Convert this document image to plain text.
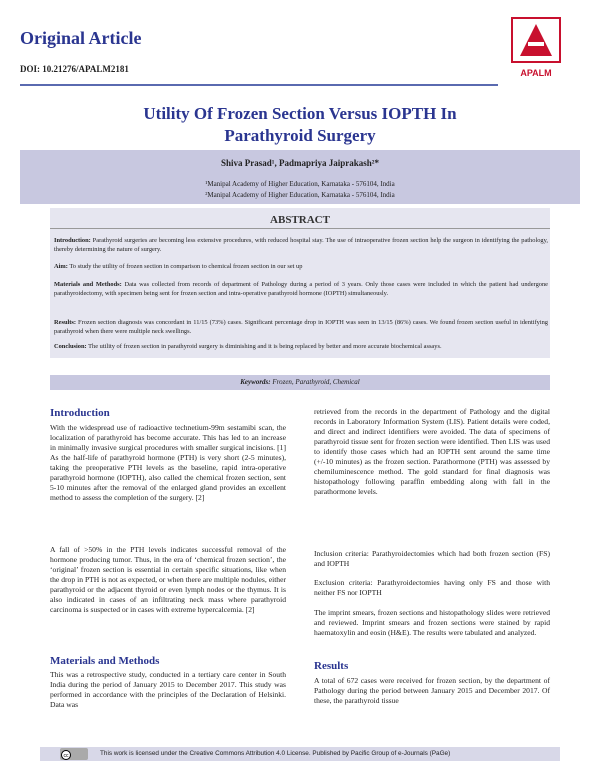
Original Article
DOI: 10.21276/APALM2181	APALM
Utility Of Frozen Section Versus IOPTH In
Parathyroid Surgery
Shiva Prasad¹, Padmapriya Jaiprakash²*
¹Manipal Academy of Higher Education, Karnataka - 576104, India
²Manipal Academy of Higher Education, Karnataka - 576104, India
ABSTRACT
Introduction: Parathyroid surgeries are becoming less extensive procedures, with reduced hospital stay. The use of intraoperative frozen section help the surgeon in identifying the pathology, thereby determining the nature of surgery.
Aim: To study the utility of frozen section in comparison to chemical frozen section in our set up
Materials and Methods: Data was collected from records of department of Pathology during a period of 3 years. Only those cases were included in which the patient had undergone parathyroidectomy, with specimen being sent for frozen section and intra-operative parathyroid hormone (IOPTH) simultaneously.
Results: Frozen section diagnosis was concordant in 11/15 (73%) cases. Significant percentage drop in IOPTH was seen in 13/15 (86%) cases. We found frozen section useful in identifying parathyroid when there were multiple neck swellings.
Conclusion: The utility of frozen section in parathyroid surgery is diminishing and it is being replaced by better and more accurate biochemical assays.
Keywords: Frozen, Parathyroid, Chemical
Introduction
With the widespread use of radioactive technetium-99m sestamibi scan, the localization of parathyroid has become accurate. This has led to an increase in minimally invasive surgical procedures with smaller surgical incisions. [1] As the half-life of parathyroid hormone (PTH) is very short (2-5 minutes), taking the preoperative PTH levels as the baseline, rapid intra-operative parathyroid hormone (IOPTH), also called the chemical frozen section, sent 5-10 minutes after the removal of the enlarged gland provides an excellent method to assess the completion of the surgery. [2]
A fall of >50% in the PTH levels indicates successful removal of the hormone producing tumor. Thus, in the era of ‘chemical frozen section’, the ‘original’ frozen section is essential in certain specific situations, like when the drop in PTH is not as expected, or when there are multiple nodules, either parathyroid or the adjacent thyroid or even lymph nodes or the thymus. It is also indicated in cases of an infiltrating neck mass where parathyroid carcinoma is suspected or in cases with extreme hypercalcemia. [2]
Materials and Methods
This was a retrospective study, conducted in a tertiary care center in South India during the period of January 2015 to December 2017. This study was performed in accordance with the principles of the Declaration of Helsinki. Data was
retrieved from the records in the department of Pathology and the digital records in Laboratory Information System (LIS). Patient details were coded, and direct and indirect identifiers were avoided. The data of specimens of parathyroid tissue sent for frozen section were identified. Then LIS was used to identify those cases which had an IOPTH sent around the same time (+/-10 minutes) as the frozen section. Parathormone (PTH) was assessed by chemiluminescence method. The gold standard for final diagnosis was histopathology following paraffin embedding along with fall in the parathormone levels.
Inclusion criteria: Parathyroidectomies which had both frozen section (FS) and IOPTH
Exclusion criteria: Parathyroidectomies having only FS and those with neither FS nor IOPTH
The imprint smears, frozen sections and histopathology slides were retrieved and reviewed. Imprint smears and frozen sections were stained by rapid haematoxylin and eosin (H&E). The results were tabulated and analyzed.
Results
A total of 672 cases were received for frozen section, by the department of Pathology during the period between January 2015 and December 2017. Of these, the parathyroid tissue
cc	This work is licensed under the Creative Commons Attribution 4.0 License. Published by Pacific Group of e-Journals (PaGe)
